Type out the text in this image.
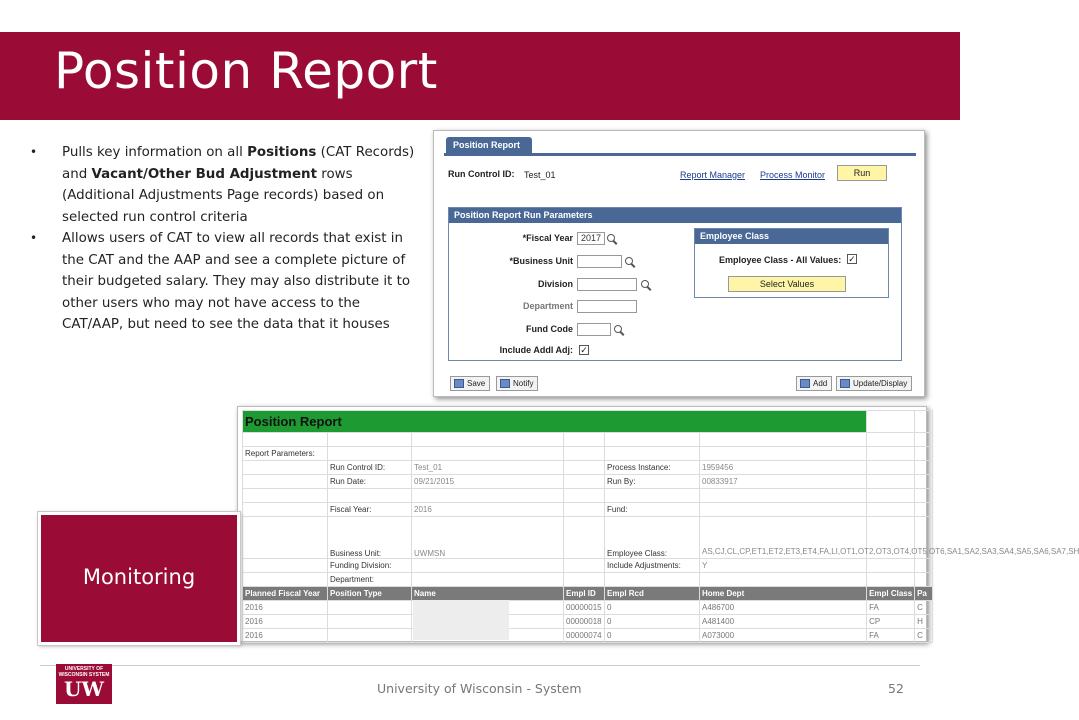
Position Report
• Pulls key information on all Positions (CAT Records) and Vacant/Other Bud Adjustment rows (Additional Adjustments Page records) based on selected run control criteria
• Allows users of CAT to view all records that exist in the CAT and the AAP and see a complete picture of their budgeted salary. They may also distribute it to other users who may not have access to the CAT/AAP, but need to see the data that it houses
Position Report
Run Control ID: Test_01	Report Manager Process Monitor	Run
Position Report Run Parameters
*Fiscal Year 2017
*Business Unit
Division
Department
Fund Code
Include Addl Adj: ✓
Employee Class
Employee Class - All Values: ✓
Select Values
Save	Notify	Add	Update/Display
Position Report							

Report Parameters:							
	Run Control ID:	Test_01		Process Instance:	1959456		
	Run Date:	09/21/2015		Run By:	00833917		

	Fiscal Year:	2016		Fund:			
	Business Unit:	UWMSN		Employee Class:	AS,CJ,CL,CP,ET1,ET2,ET3,ET4,FA,LI,OT1,OT2,OT3,OT4,OT5,OT6,SA1,SA2,SA3,SA4,SA5,SA6,SA7,SH		
	Funding Division:			Include Adjustments:	Y		
	Department:						
Planned Fiscal Year	Position Type	Name	Empl ID	Empl Rcd	Home Dept	Empl Class	Pa
2016			00000015	0	A486700	FA	C
2016			00000018	0	A481400	CP	H
2016			00000074	0	A073000	FA	C
Monitoring
UNIVERSITY OF WISCONSIN SYSTEM
UW	University of Wisconsin - System	52
